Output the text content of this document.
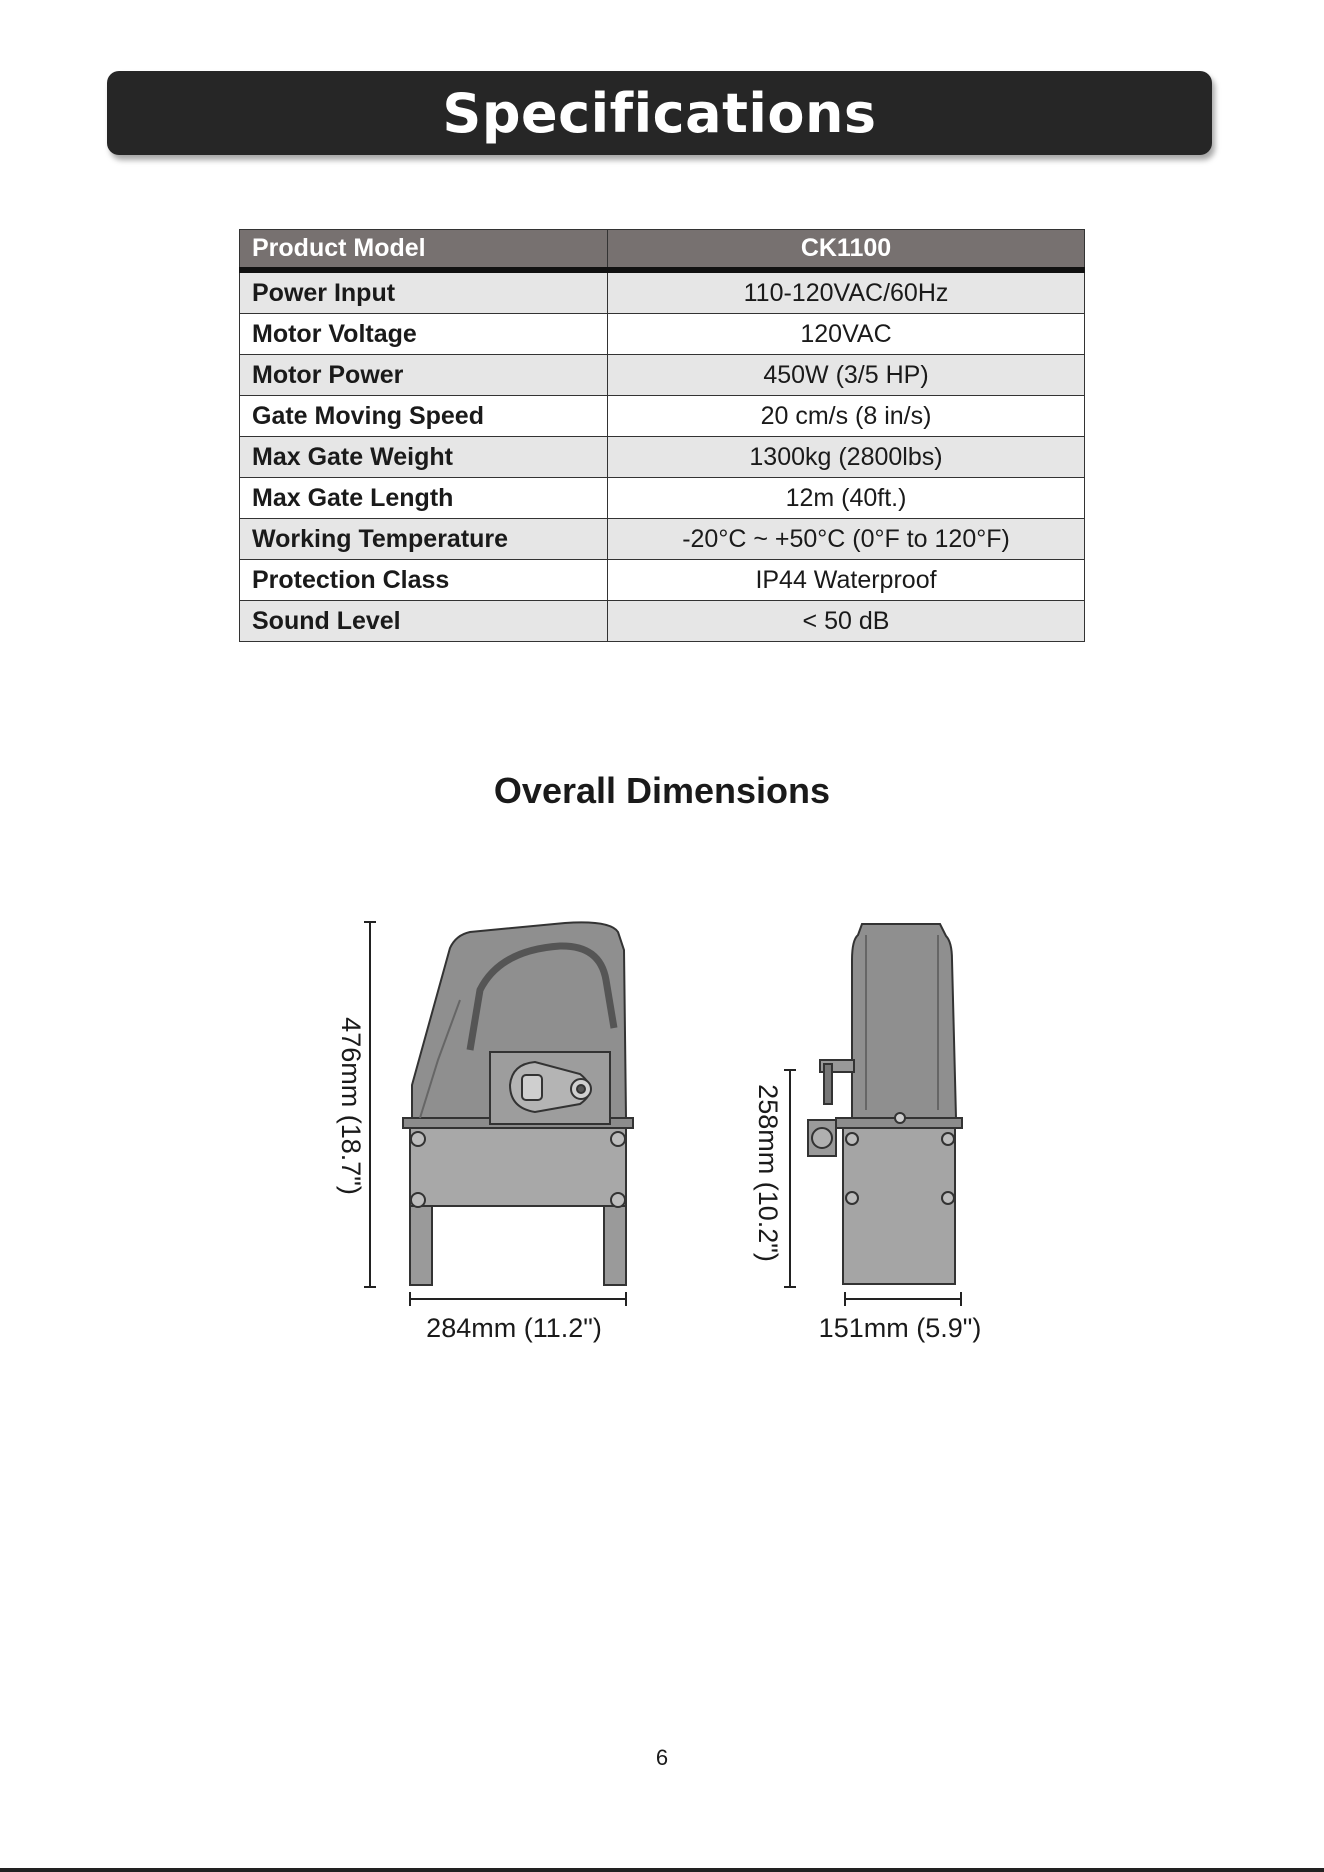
Specifications
Product Model	CK1100
Power Input	110-120VAC/60Hz
Motor Voltage	120VAC
Motor Power	450W (3/5 HP)
Gate Moving Speed	20 cm/s (8 in/s)
Max Gate Weight	1300kg (2800lbs)
Max Gate Length	12m (40ft.)
Working Temperature	-20°C ~ +50°C (0°F to 120°F)
Protection Class	IP44 Waterproof
Sound Level	< 50 dB
Overall Dimensions
476mm (18.7")
284mm (11.2")
258mm (10.2")
151mm (5.9")
6
